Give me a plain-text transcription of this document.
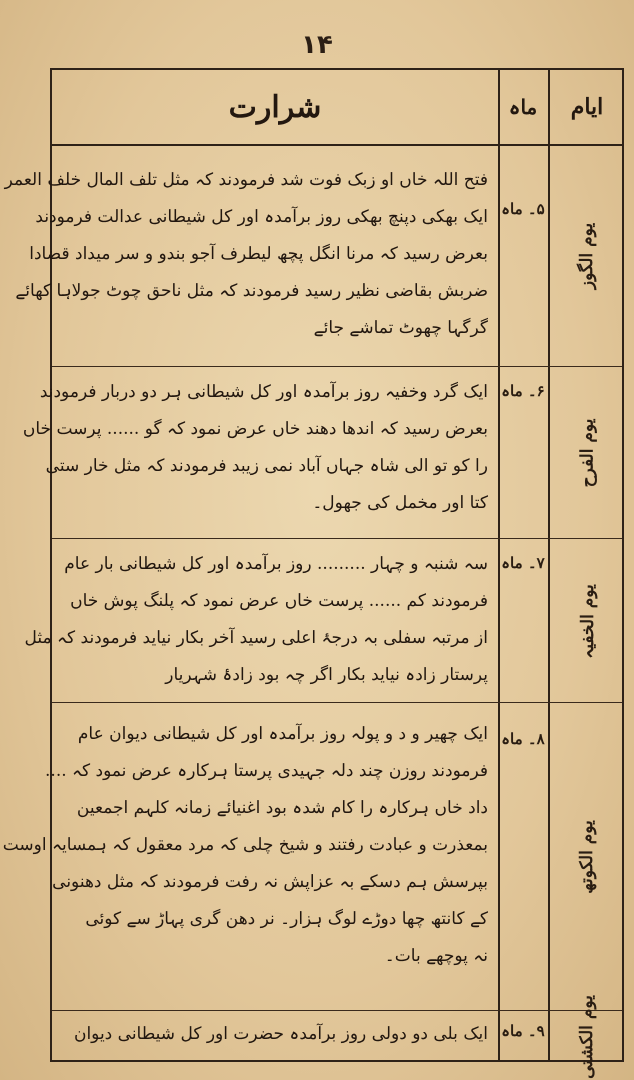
۱۴
ایام
ماہ
شرارت
یوم الگوز
۵۔ ماہ

فتح اللہ خاں او زبک فوت شد فرمودند کہ مثل تلف المال خلف العمر

ایک بھکی دپنچ بھکی روز برآمدہ اور کل شیطانی عدالت فرمودند

بعرض رسید کہ مرنا انگل پچھ لیطرف آجو بندو و سر میداد قضادا

ضربش بقاضی نظیر رسید فرمودند کہ مثل ناحق چوٹ جولاہا کھائے

گرگہا چھوٹ تماشے جائے

یوم الفرح
۶۔ ماہ

ایک گرد وخفیہ روز برآمدہ اور کل شیطانی ہر دو دربار فرمودند

بعرض رسید کہ اندھا دھند خاں عرض نمود کہ گو ...... پرست خاں

را کو تو الی شاہ جہاں آباد نمی زیبد فرمودند کہ مثل خار ستی

کتا اور مخمل کی جھول۔

یوم الخفیہ
۷۔ ماہ

سہ شنبہ و چہار ......... روز برآمدہ اور کل شیطانی بار عام

فرمودند کم ...... پرست خاں عرض نمود کہ پلنگ پوش خاں

از مرتبہ سفلی بہ درجۂ اعلی رسید آخر بکار نیاید فرمودند کہ مثل

پرستار زادہ نیاید بکار اگر چہ بود زادۂ شہریار

یوم الکوتھ
۸۔ ماہ

ایک چھیر و د و پولہ روز برآمدہ اور کل شیطانی دیوان عام

فرمودند روزن چند دلہ جہیدی پرستا ہرکارہ عرض نمود کہ ....

داد خاں ہرکارہ را کام شدہ بود اغنیائے زمانہ کلہم اجمعین

بمعذرت و عبادت رفتند و شیخ چلی کہ مرد معقول کہ ہمسایہ اوست

بپرسش ہم دسکے بہ عزاپش نہ رفت فرمودند کہ مثل دھنونی

کے کانتھ چھا دوڑے لوگ ہزار۔ نر دھن گری پہاڑ سے کوئی

نہ پوچھے بات۔

یوم الکشتی
۹۔ ماہ

ایک بلی دو دولی روز برآمدہ حضرت اور کل شیطانی دیوان
